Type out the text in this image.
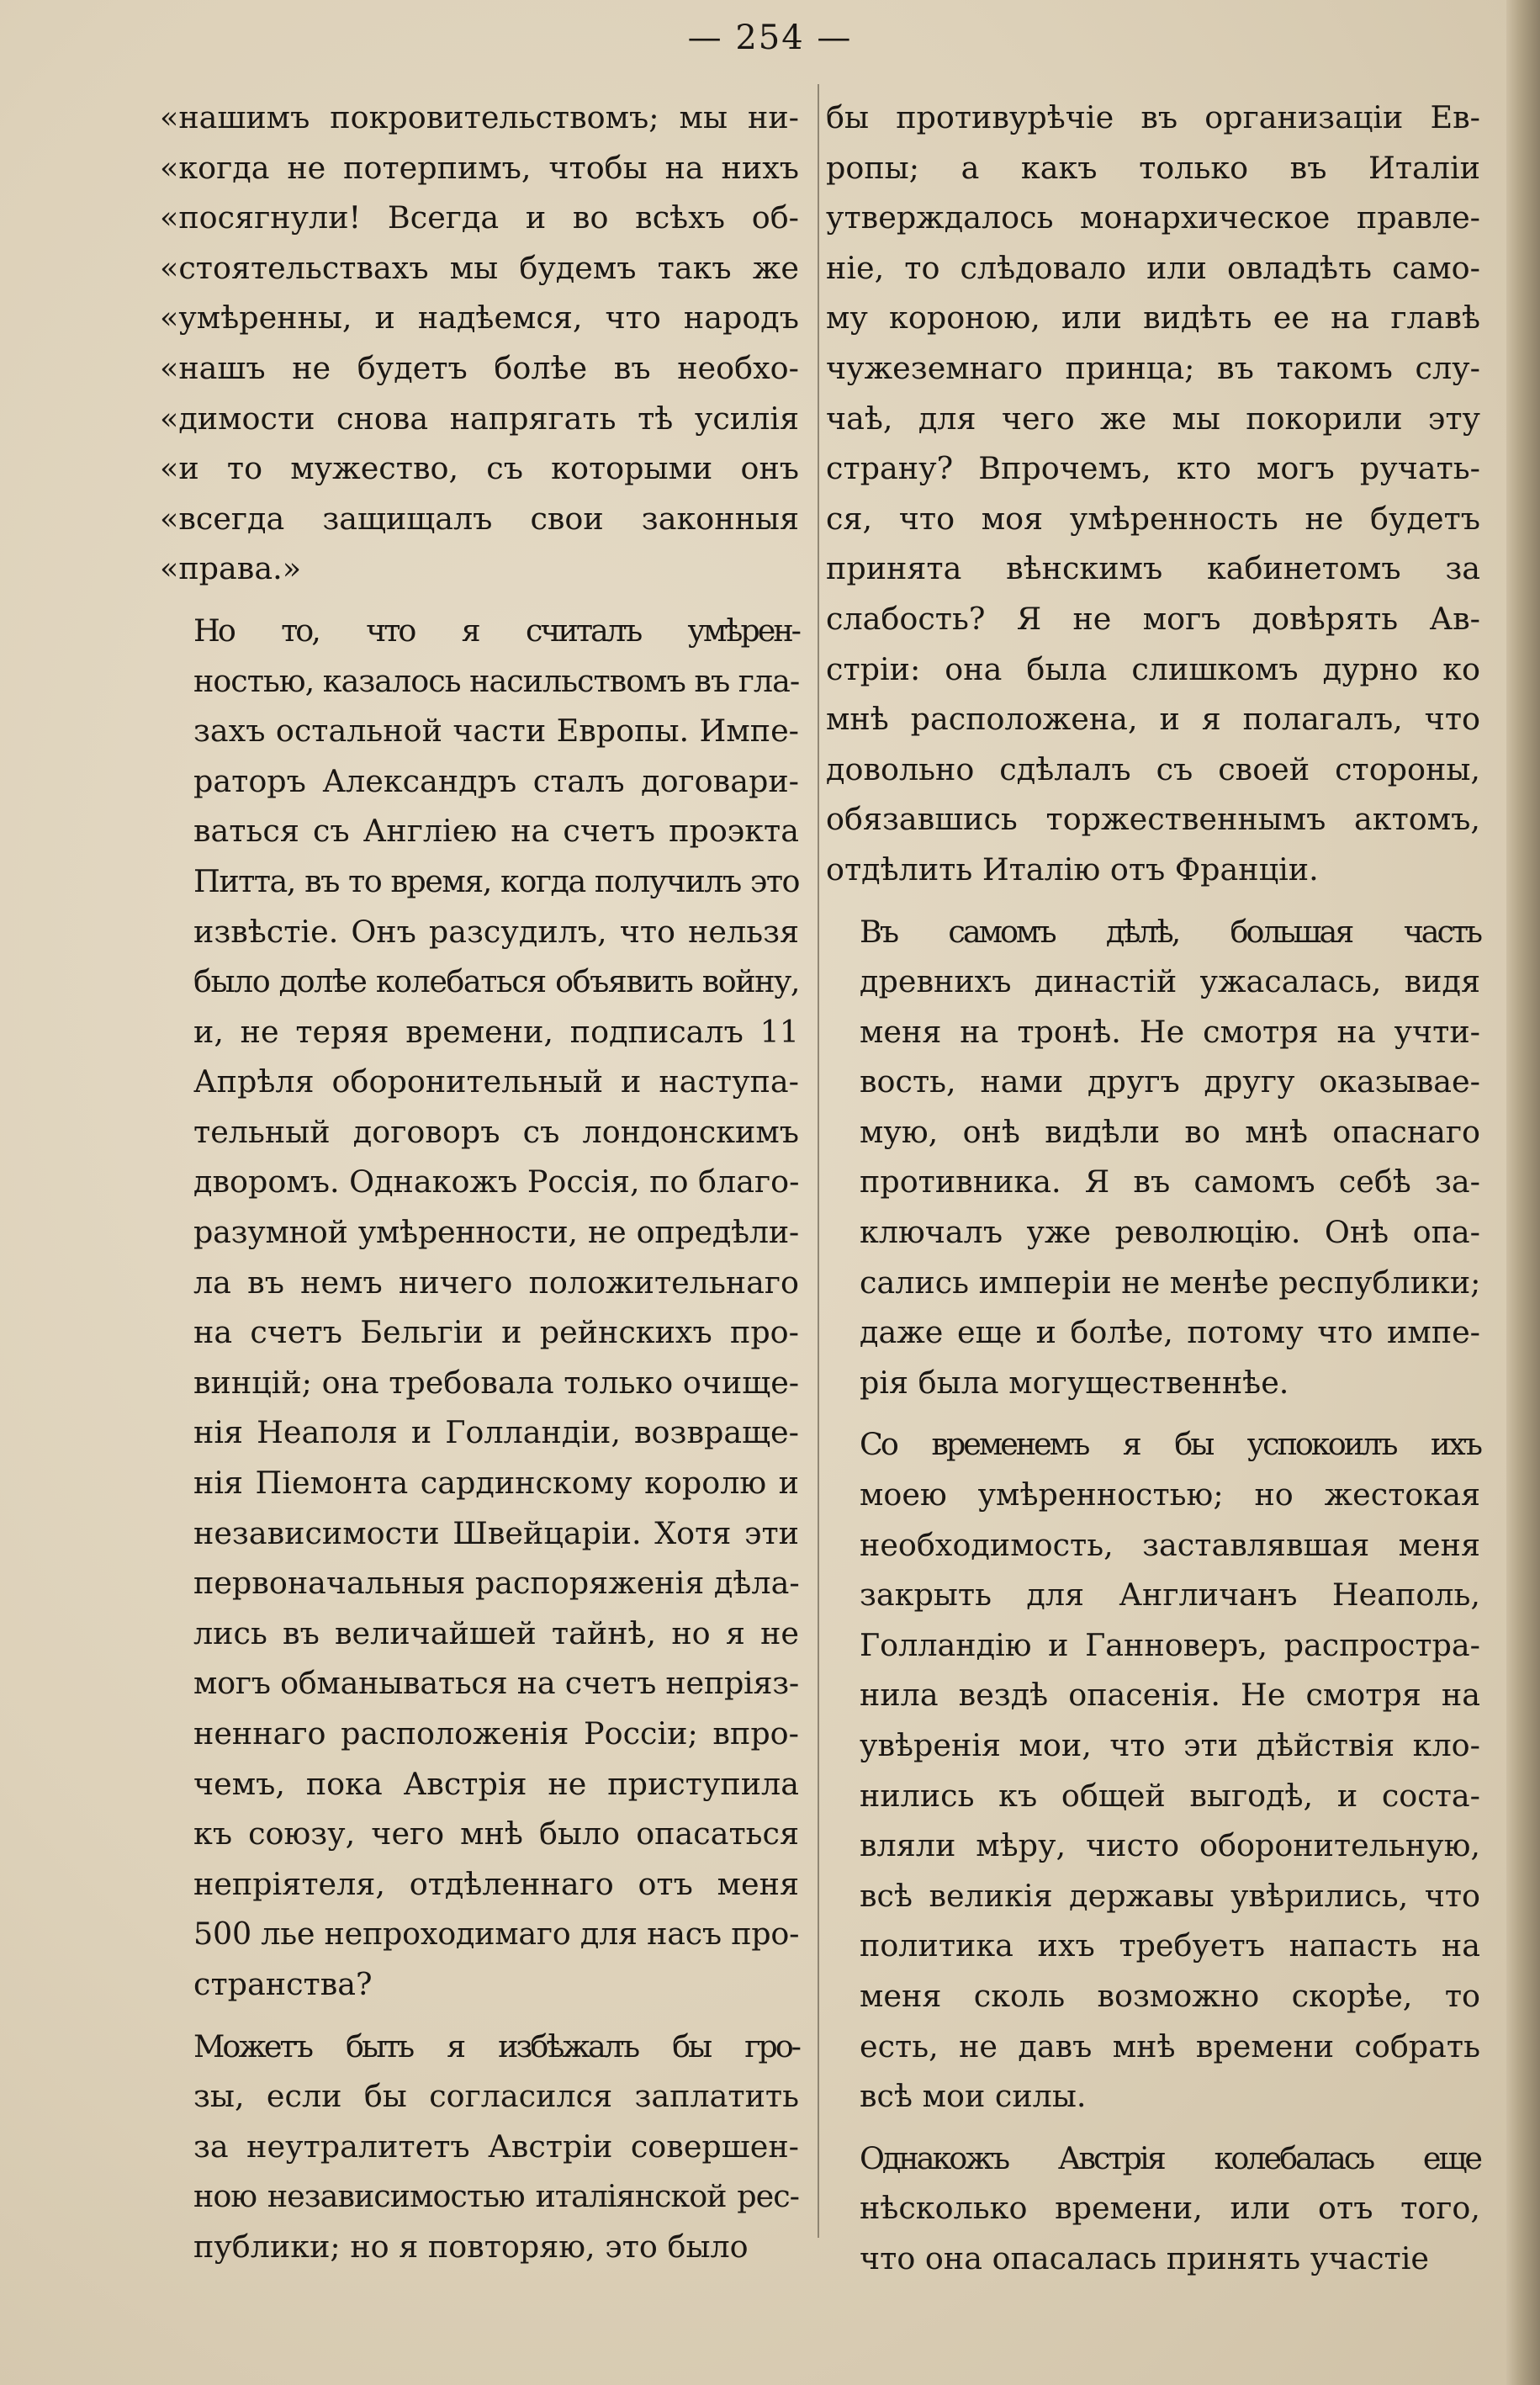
— 254 —

«нашимъ покровительствомъ; мы ни-
«когда не потерпимъ, чтобы на нихъ
«посягнули! Всегда и во всѣхъ об-
«стоятельствахъ мы будемъ такъ же
«умѣренны, и надѣемся, что народъ
«нашъ не будетъ болѣе въ необхо-
«димости снова напрягать тѣ усилія
«и то мужество, съ которыми онъ
«всегда защищалъ свои законныя
«права.»

Но то, что я считалъ умѣрен-
ностью, казалось насильствомъ въ гла-
захъ остальной части Европы. Импе-
раторъ Александръ сталъ договари-
ваться съ Англіею на счетъ проэкта
Питта, въ то время, когда получилъ это
извѣстіе. Онъ разсудилъ, что нельзя
было долѣе колебаться объявить войну,
и, не теряя времени, подписалъ 11
Апрѣля оборонительный и наступа-
тельный договоръ съ лондонскимъ
дворомъ. Однакожъ Россія, по благо-
разумной умѣренности, не опредѣли-
ла въ немъ ничего положительнаго
на счетъ Бельгіи и рейнскихъ про-
винцій; она требовала только очище-
нія Неаполя и Голландіи, возвраще-
нія Піемонта сардинскому королю и
независимости Швейцаріи. Хотя эти
первоначальныя распоряженія дѣла-
лись въ величайшей тайнѣ, но я не
могъ обманываться на счетъ непріяз-
неннаго расположенія Россіи; впро-
чемъ, пока Австрія не приступила
къ союзу, чего мнѣ было опасаться
непріятеля, отдѣленнаго отъ меня
500 лье непроходимаго для насъ про-
странства?

Можетъ быть я избѣжалъ бы гро-
зы, если бы согласился заплатить
за неутралитетъ Австріи совершен-
ною независимостью италіянской рес-
публики; но я повторяю, это было

бы противурѣчіе въ организаціи Ев-
ропы; а какъ только въ Италіи
утверждалось монархическое правле-
ніе, то слѣдовало или овладѣть само-
му короною, или видѣть ее на главѣ
чужеземнаго принца; въ такомъ слу-
чаѣ, для чего же мы покорили эту
страну? Впрочемъ, кто могъ ручать-
ся, что моя умѣренность не будетъ
принята вѣнскимъ кабинетомъ за
слабость? Я не могъ довѣрять Ав-
стріи: она была слишкомъ дурно ко
мнѣ расположена, и я полагалъ, что
довольно сдѣлалъ съ своей стороны,
обязавшись торжественнымъ актомъ,
отдѣлить Италію отъ Франціи.

Въ самомъ дѣлѣ, большая часть
древнихъ династій ужасалась, видя
меня на тронѣ. Не смотря на учти-
вость, нами другъ другу оказывае-
мую, онѣ видѣли во мнѣ опаснаго
противника. Я въ самомъ себѣ за-
ключалъ уже революцію. Онѣ опа-
сались имперіи не менѣе республики;
даже еще и болѣе, потому что импе-
рія была могущественнѣе.

Со временемъ я бы успокоилъ ихъ
моею умѣренностью; но жестокая
необходимость, заставлявшая меня
закрыть для Англичанъ Неаполь,
Голландію и Ганноверъ, распростра-
нила вездѣ опасенія. Не смотря на
увѣренія мои, что эти дѣйствія кло-
нились къ общей выгодѣ, и соста-
вляли мѣру, чисто оборонительную,
всѣ великія державы увѣрились, что
политика ихъ требуетъ напасть на
меня сколь возможно скорѣе, то
есть, не давъ мнѣ времени собрать
всѣ мои силы.

Однакожъ Австрія колебалась еще
нѣсколько времени, или отъ того,
что она опасалась принять участіе
